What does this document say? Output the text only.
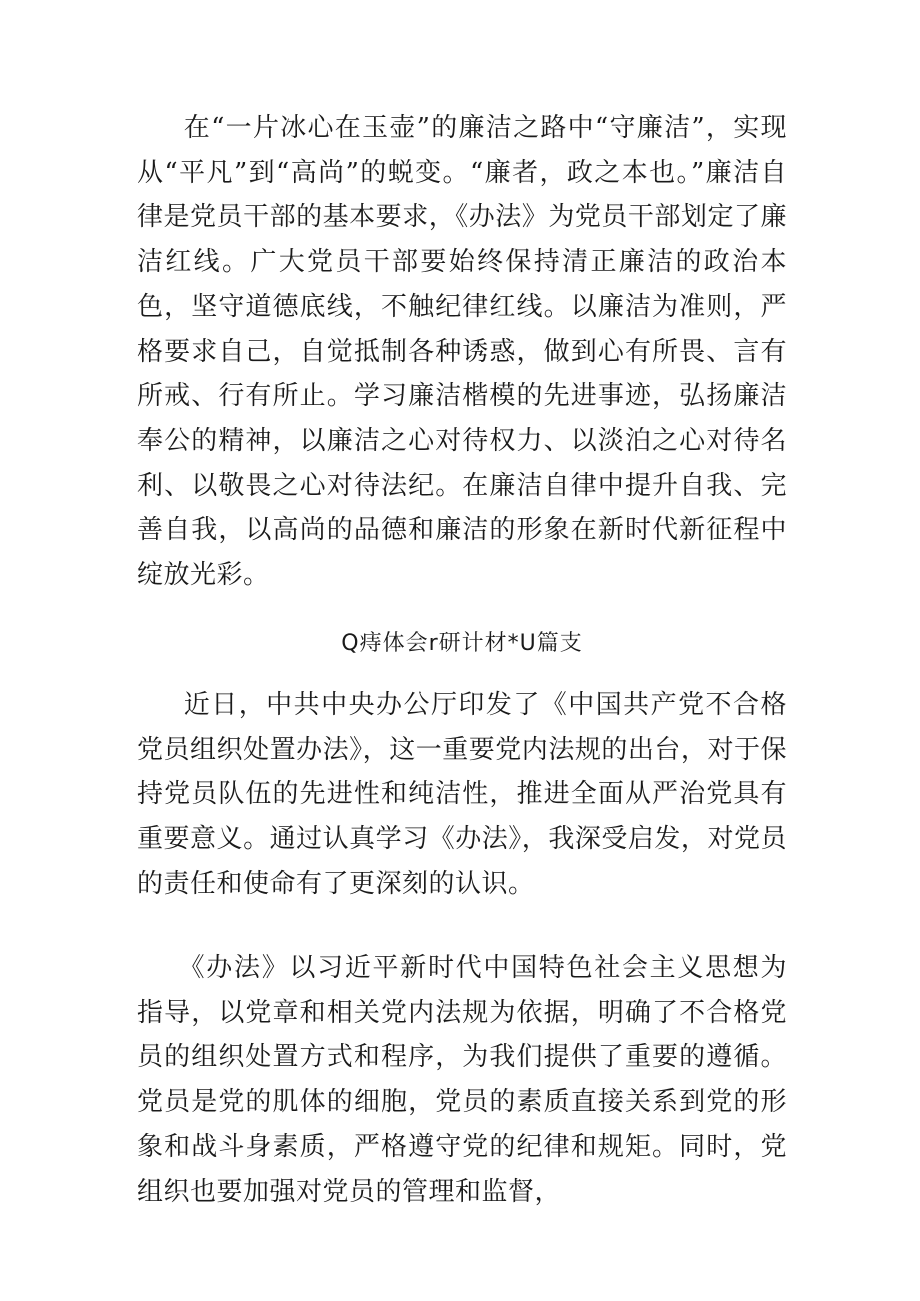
在“一片冰心在玉壶”的廉洁之路中“守廉洁”，实现从“平凡”到“高尚”的蜕变。“廉者，政之本也。”廉洁自律是党员干部的基本要求，《办法》为党员干部划定了廉洁红线。广大党员干部要始终保持清正廉洁的政治本色，坚守道德底线，不触纪律红线。以廉洁为准则，严格要求自己，自觉抵制各种诱惑，做到心有所畏、言有所戒、行有所止。学习廉洁楷模的先进事迹，弘扬廉洁奉公的精神，以廉洁之心对待权力、以淡泊之心对待名利、以敬畏之心对待法纪。在廉洁自律中提升自我、完善自我，以高尚的品德和廉洁的形象在新时代新征程中绽放光彩。

Q痔体会r研计材*U篇支

近日，中共中央办公厅印发了《中国共产党不合格党员组织处置办法》，这一重要党内法规的出台，对于保持党员队伍的先进性和纯洁性，推进全面从严治党具有重要意义。通过认真学习《办法》，我深受启发，对党员的责任和使命有了更深刻的认识。

《办法》以习近平新时代中国特色社会主义思想为指导，以党章和相关党内法规为依据，明确了不合格党员的组织处置方式和程序，为我们提供了重要的遵循。党员是党的肌体的细胞，党员的素质直接关系到党的形象和战斗身素质，严格遵守党的纪律和规矩。同时，党组织也要加强对党员的管理和监督，
